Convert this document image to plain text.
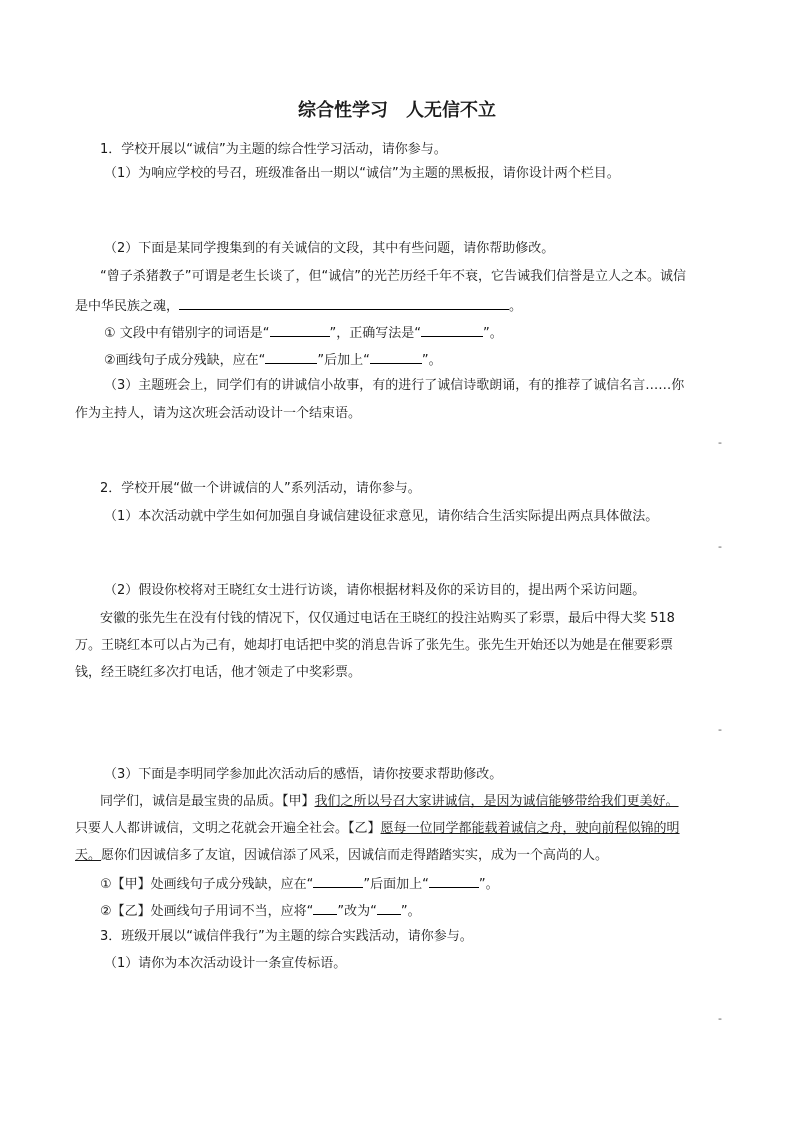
综合性学习　人无信不立
1．学校开展以“诚信”为主题的综合性学习活动，请你参与。
（1）为响应学校的号召，班级准备出一期以“诚信”为主题的黑板报，请你设计两个栏目。
（2）下面是某同学搜集到的有关诚信的文段，其中有些问题，请你帮助修改。
“曾子杀猪教子”可谓是老生长谈了，但“诚信”的光芒历经千年不衰，它告诫我们信誉是立人之本。诚信
是中华民族之魂，	。
① 文段中有错别字的词语是“	”，正确写法是“	”。
②画线句子成分残缺，应在“	”后加上“	”。
（3）主题班会上，同学们有的讲诚信小故事，有的进行了诚信诗歌朗诵，有的推荐了诚信名言……你
作为主持人，请为这次班会活动设计一个结束语。
-
2．学校开展“做一个讲诚信的人”系列活动，请你参与。
（1）本次活动就中学生如何加强自身诚信建设征求意见，请你结合生活实际提出两点具体做法。
-
（2）假设你校将对王晓红女士进行访谈，请你根据材料及你的采访目的，提出两个采访问题。
安徽的张先生在没有付钱的情况下，仅仅通过电话在王晓红的投注站购买了彩票，最后中得大奖 518
万。王晓红本可以占为己有，她却打电话把中奖的消息告诉了张先生。张先生开始还以为她是在催要彩票
钱，经王晓红多次打电话，他才领走了中奖彩票。
-
（3）下面是李明同学参加此次活动后的感悟，请你按要求帮助修改。
同学们，诚信是最宝贵的品质。【甲】我们之所以号召大家讲诚信，是因为诚信能够带给我们更美好。
只要人人都讲诚信，文明之花就会开遍全社会。【乙】愿每一位同学都能载着诚信之舟，驶向前程似锦的明
天。愿你们因诚信多了友谊，因诚信添了风采，因诚信而走得踏踏实实，成为一个高尚的人。
①【甲】处画线句子成分残缺，应在“	”后面加上“	”。
②【乙】处画线句子用词不当，应将“ ”改为“ ”。
3．班级开展以“诚信伴我行”为主题的综合实践活动，请你参与。
（1）请你为本次活动设计一条宣传标语。
-
